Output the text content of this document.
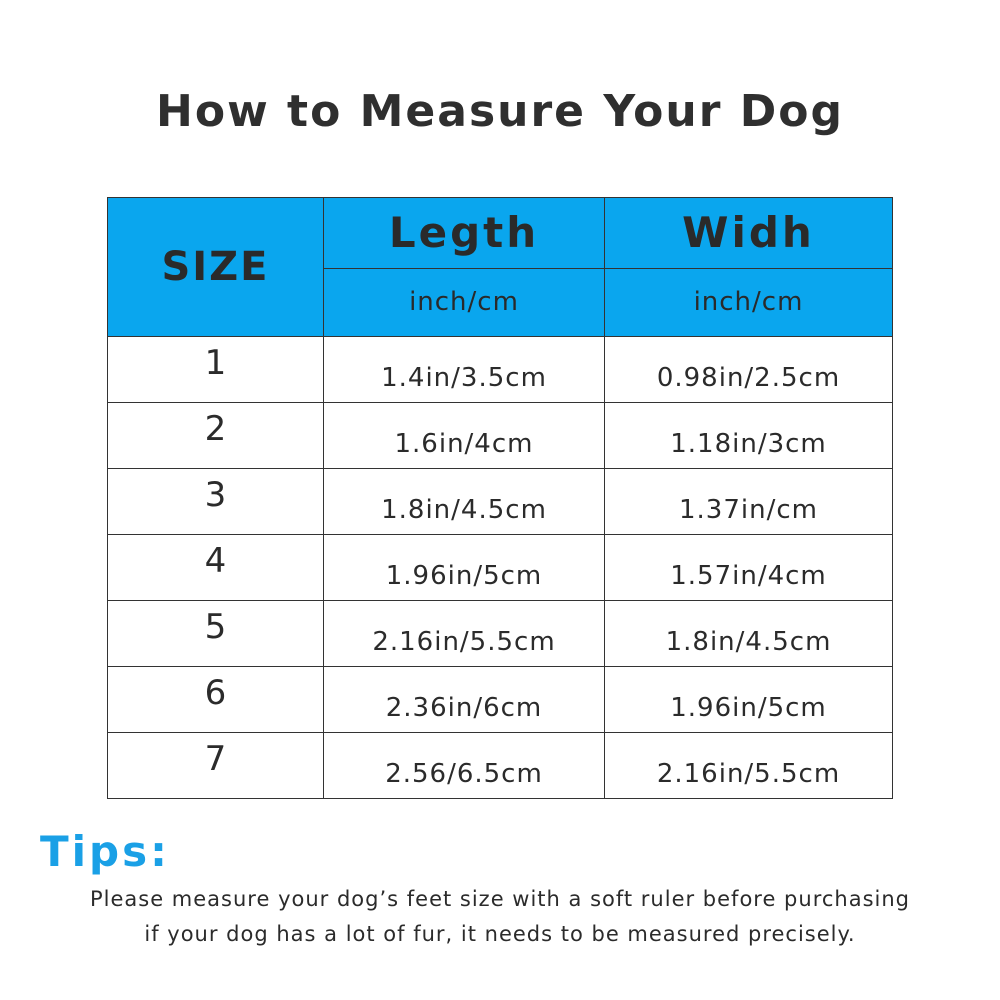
How to Measure Your Dog
SIZE	Legth	Widh
	inch/cm	inch/cm
1	1.4in/3.5cm	0.98in/2.5cm
2	1.6in/4cm	1.18in/3cm
3	1.8in/4.5cm	1.37in/cm
4	1.96in/5cm	1.57in/4cm
5	2.16in/5.5cm	1.8in/4.5cm
6	2.36in/6cm	1.96in/5cm
7	2.56/6.5cm	2.16in/5.5cm
Tips:
Please measure your dog’s feet size with a soft ruler before purchasing
if your dog has a lot of fur, it needs to be measured precisely.
